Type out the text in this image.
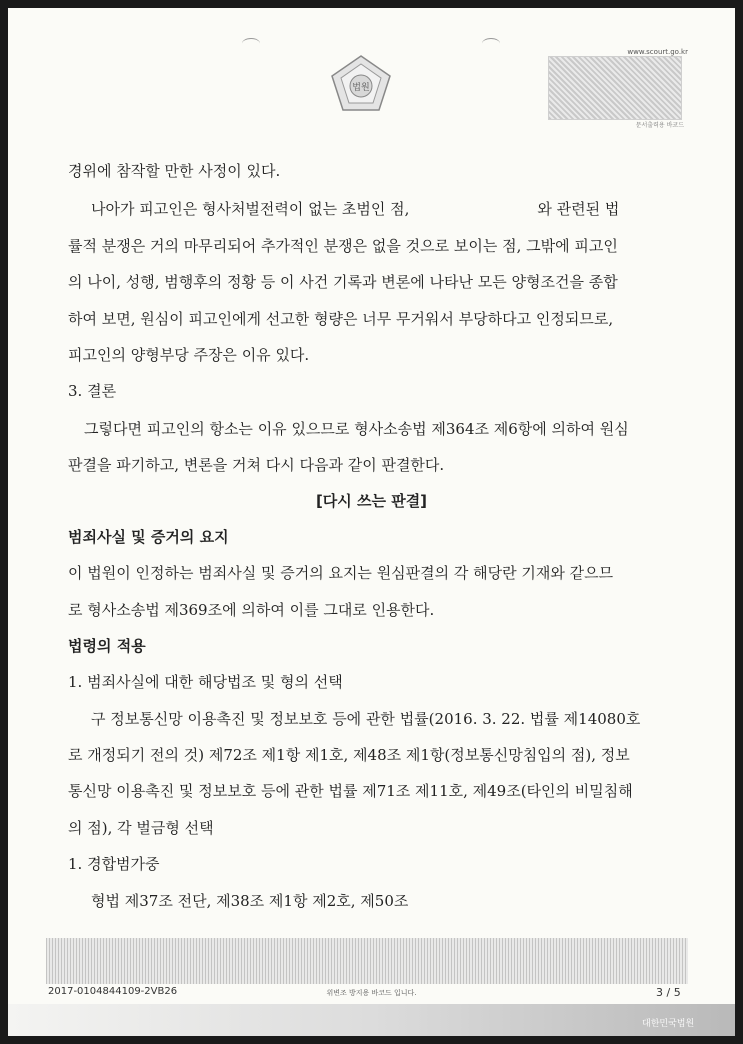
법원
www.scourt.go.kr
문서출력용 바코드
경위에 참작할 만한 사정이 있다.
나아가 피고인은 형사처벌전력이 없는 초범인 점,	와 관련된 법
률적 분쟁은 거의 마무리되어 추가적인 분쟁은 없을 것으로 보이는 점, 그밖에 피고인
의 나이, 성행, 범행후의 정황 등 이 사건 기록과 변론에 나타난 모든 양형조건을 종합
하여 보면, 원심이 피고인에게 선고한 형량은 너무 무거워서 부당하다고 인정되므로,
피고인의 양형부당 주장은 이유 있다.
3. 결론
그렇다면 피고인의 항소는 이유 있으므로 형사소송법 제364조 제6항에 의하여 원심
판결을 파기하고, 변론을 거쳐 다시 다음과 같이 판결한다.
[다시 쓰는 판결]
범죄사실 및 증거의 요지
이 법원이 인정하는 범죄사실 및 증거의 요지는 원심판결의 각 해당란 기재와 같으므
로 형사소송법 제369조에 의하여 이를 그대로 인용한다.
법령의 적용
1. 범죄사실에 대한 해당법조 및 형의 선택
구 정보통신망 이용촉진 및 정보보호 등에 관한 법률(2016. 3. 22. 법률 제14080호
로 개정되기 전의 것) 제72조 제1항 제1호, 제48조 제1항(정보통신망침입의 점), 정보
통신망 이용촉진 및 정보보호 등에 관한 법률 제71조 제11호, 제49조(타인의 비밀침해
의 점), 각 벌금형 선택
1. 경합범가중
형법 제37조 전단, 제38조 제1항 제2호, 제50조
2017-0104844109-2VB26	위변조 방지용 바코드 입니다.	3 / 5
대한민국법원
